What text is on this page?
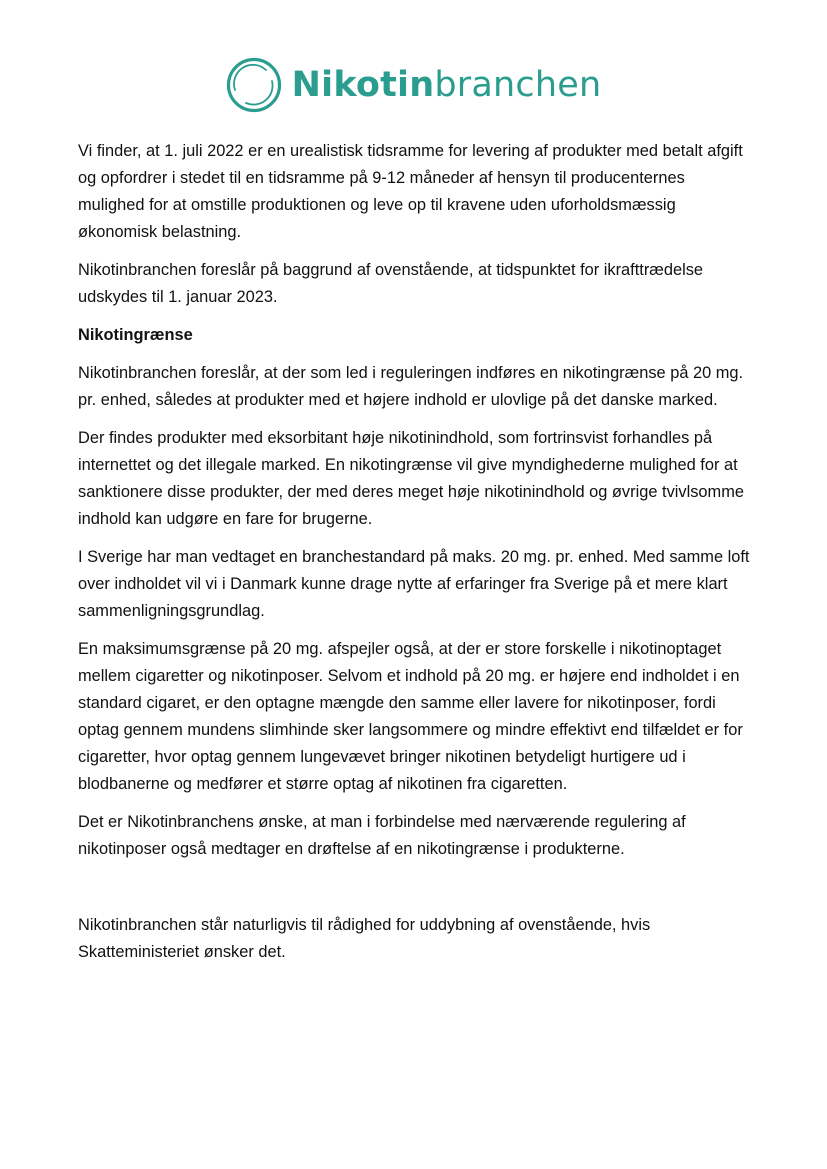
Nikotinbranchen

Vi finder, at 1. juli 2022 er en urealistisk tidsramme for levering af produkter med betalt afgift og opfordrer i stedet til en tidsramme på 9-12 måneder af hensyn til producenternes mulighed for at omstille produktionen og leve op til kravene uden uforholdsmæssig økonomisk belastning.

Nikotinbranchen foreslår på baggrund af ovenstående, at tidspunktet for ikrafttrædelse udskydes til 1. januar 2023.

Nikotingrænse

Nikotinbranchen foreslår, at der som led i reguleringen indføres en nikotingrænse på 20 mg. pr. enhed, således at produkter med et højere indhold er ulovlige på det danske marked.

Der findes produkter med eksorbitant høje nikotinindhold, som fortrinsvist forhandles på internettet og det illegale marked. En nikotingrænse vil give myndighederne mulighed for at sanktionere disse produkter, der med deres meget høje nikotinindhold og øvrige tvivlsomme indhold kan udgøre en fare for brugerne.

I Sverige har man vedtaget en branchestandard på maks. 20 mg. pr. enhed. Med samme loft over indholdet vil vi i Danmark kunne drage nytte af erfaringer fra Sverige på et mere klart sammenligningsgrundlag.

En maksimumsgrænse på 20 mg. afspejler også, at der er store forskelle i nikotinoptaget mellem cigaretter og nikotinposer. Selvom et indhold på 20 mg. er højere end indholdet i en standard cigaret, er den optagne mængde den samme eller lavere for nikotinposer, fordi optag gennem mundens slimhinde sker langsommere og mindre effektivt end tilfældet er for cigaretter, hvor optag gennem lungevævet bringer nikotinen betydeligt hurtigere ud i blodbanerne og medfører et større optag af nikotinen fra cigaretten.

Det er Nikotinbranchens ønske, at man i forbindelse med nærværende regulering af nikotinposer også medtager en drøftelse af en nikotingrænse i produkterne.

Nikotinbranchen står naturligvis til rådighed for uddybning af ovenstående, hvis Skatteministeriet ønsker det.
